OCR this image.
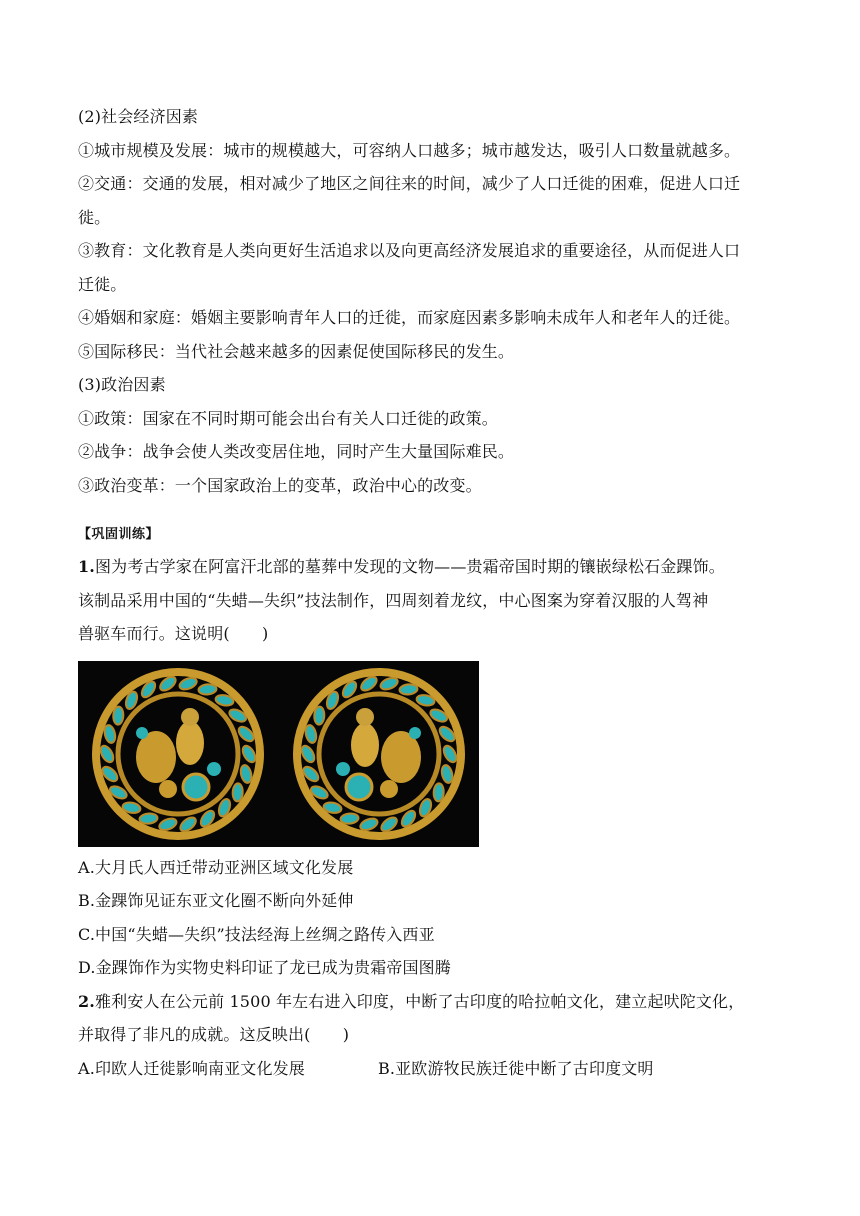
(2)社会经济因素
①城市规模及发展：城市的规模越大，可容纳人口越多；城市越发达，吸引人口数量就越多。
②交通：交通的发展，相对减少了地区之间往来的时间，减少了人口迁徙的困难，促进人口迁
徙。
③教育：文化教育是人类向更好生活追求以及向更高经济发展追求的重要途径，从而促进人口
迁徙。
④婚姻和家庭：婚姻主要影响青年人口的迁徙，而家庭因素多影响未成年人和老年人的迁徙。
⑤国际移民：当代社会越来越多的因素促使国际移民的发生。
(3)政治因素
①政策：国家在不同时期可能会出台有关人口迁徙的政策。
②战争：战争会使人类改变居住地，同时产生大量国际难民。
③政治变革：一个国家政治上的变革，政治中心的改变。
【巩固训练】
1.图为考古学家在阿富汗北部的墓葬中发现的文物——贵霜帝国时期的镶嵌绿松石金踝饰。
该制品采用中国的“失蜡—失织”技法制作，四周刻着龙纹，中心图案为穿着汉服的人驾神
兽驱车而行。这说明(　　)
A.大月氏人西迁带动亚洲区域文化发展
B.金踝饰见证东亚文化圈不断向外延伸
C.中国“失蜡—失织”技法经海上丝绸之路传入西亚
D.金踝饰作为实物史料印证了龙已成为贵霜帝国图腾
2.雅利安人在公元前 1500 年左右进入印度，中断了古印度的哈拉帕文化，建立起吠陀文化，
并取得了非凡的成就。这反映出(　　)
A.印欧人迁徙影响南亚文化发展	B.亚欧游牧民族迁徙中断了古印度文明
